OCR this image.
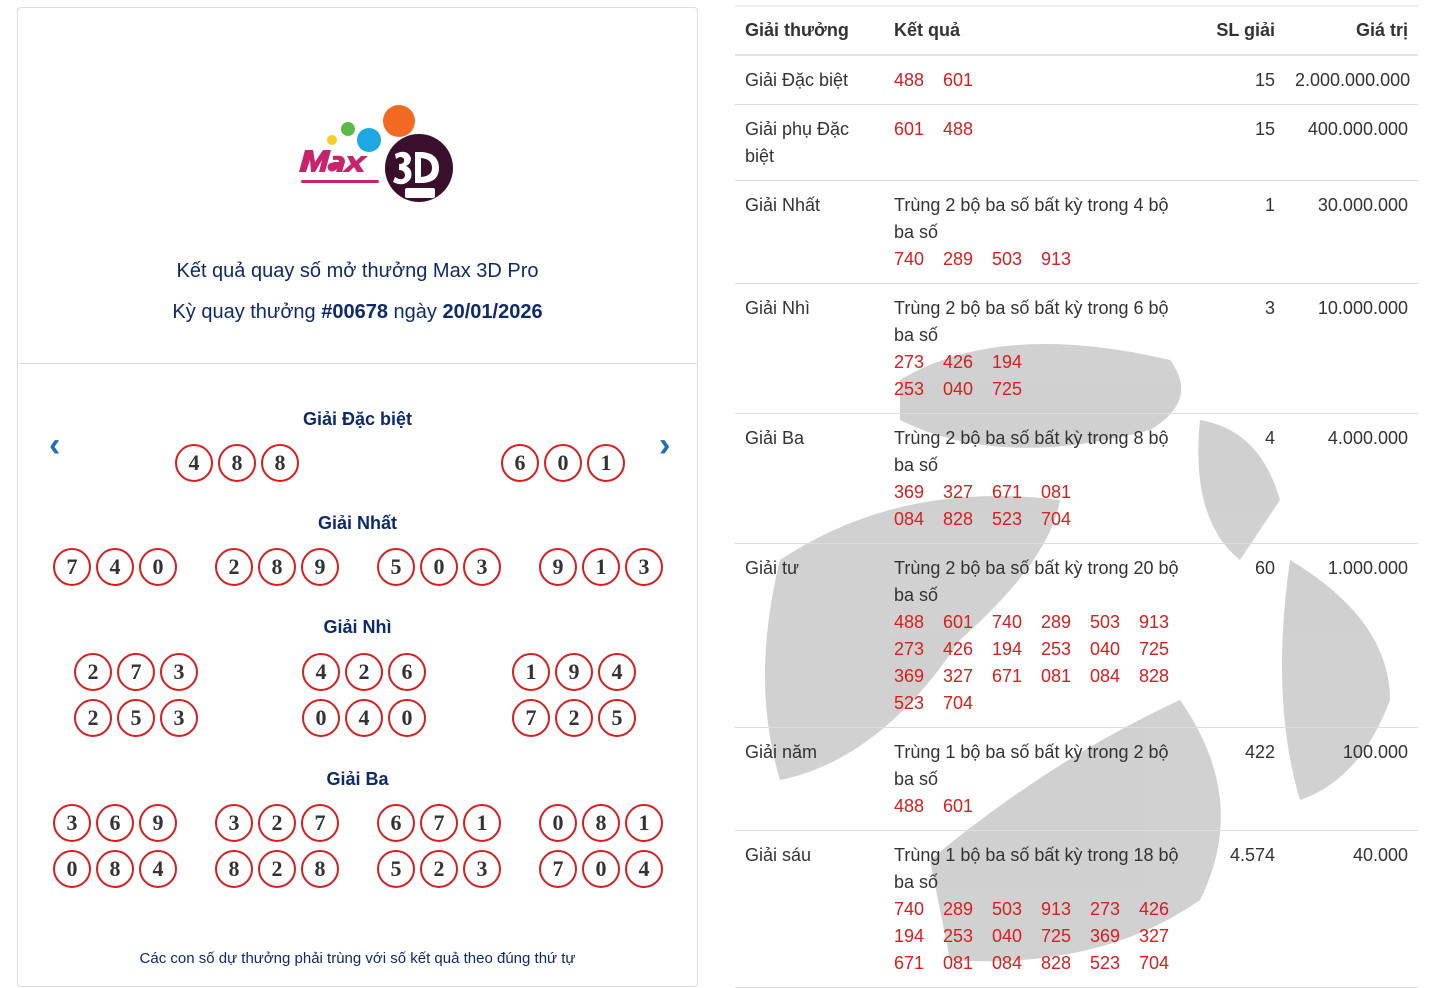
Kết quả quay số mở thưởng Max 3D Pro
Kỳ quay thưởng #00678 ngày 20/01/2026
‹	›
Giải Đặc biệt
4	8	8	6	0	1
Giải Nhất
7	4	0	2	8	9	5	0	3	9	1	3
Giải Nhì
2	7	3	4	2	6	1	9	4
2	5	3	0	4	0	7	2	5
Giải Ba
3	6	9	3	2	7	6	7	1	0	8	1
0	8	4	8	2	8	5	2	3	7	0	4
Các con số dự thưởng phải trùng với số kết quả theo đúng thứ tự
Giải thưởng	Kết quả	SL giải	Giá trị
Giải Đặc biệt	488 601	15	2.000.000.000
Giải phụ Đặc biệt	601 488	15	400.000.000
Giải Nhất	Trùng 2 bộ ba số bất kỳ trong 4 bộ ba số
740 289 503 913	1	30.000.000
Giải Nhì	Trùng 2 bộ ba số bất kỳ trong 6 bộ ba số
273 426 194
253 040 725	3	10.000.000
Giải Ba	Trùng 2 bộ ba số bất kỳ trong 8 bộ ba số
369 327 671 081
084 828 523 704	4	4.000.000
Giải tư	Trùng 2 bộ ba số bất kỳ trong 20 bộ ba số
488 601 740 289 503 913
273 426 194 253 040 725
369 327 671 081 084 828
523 704	60	1.000.000
Giải năm	Trùng 1 bộ ba số bất kỳ trong 2 bộ ba số
488 601	422	100.000
Giải sáu	Trùng 1 bộ ba số bất kỳ trong 18 bộ ba số
740 289 503 913 273 426
194 253 040 725 369 327
671 081 084 828 523 704	4.574	40.000
